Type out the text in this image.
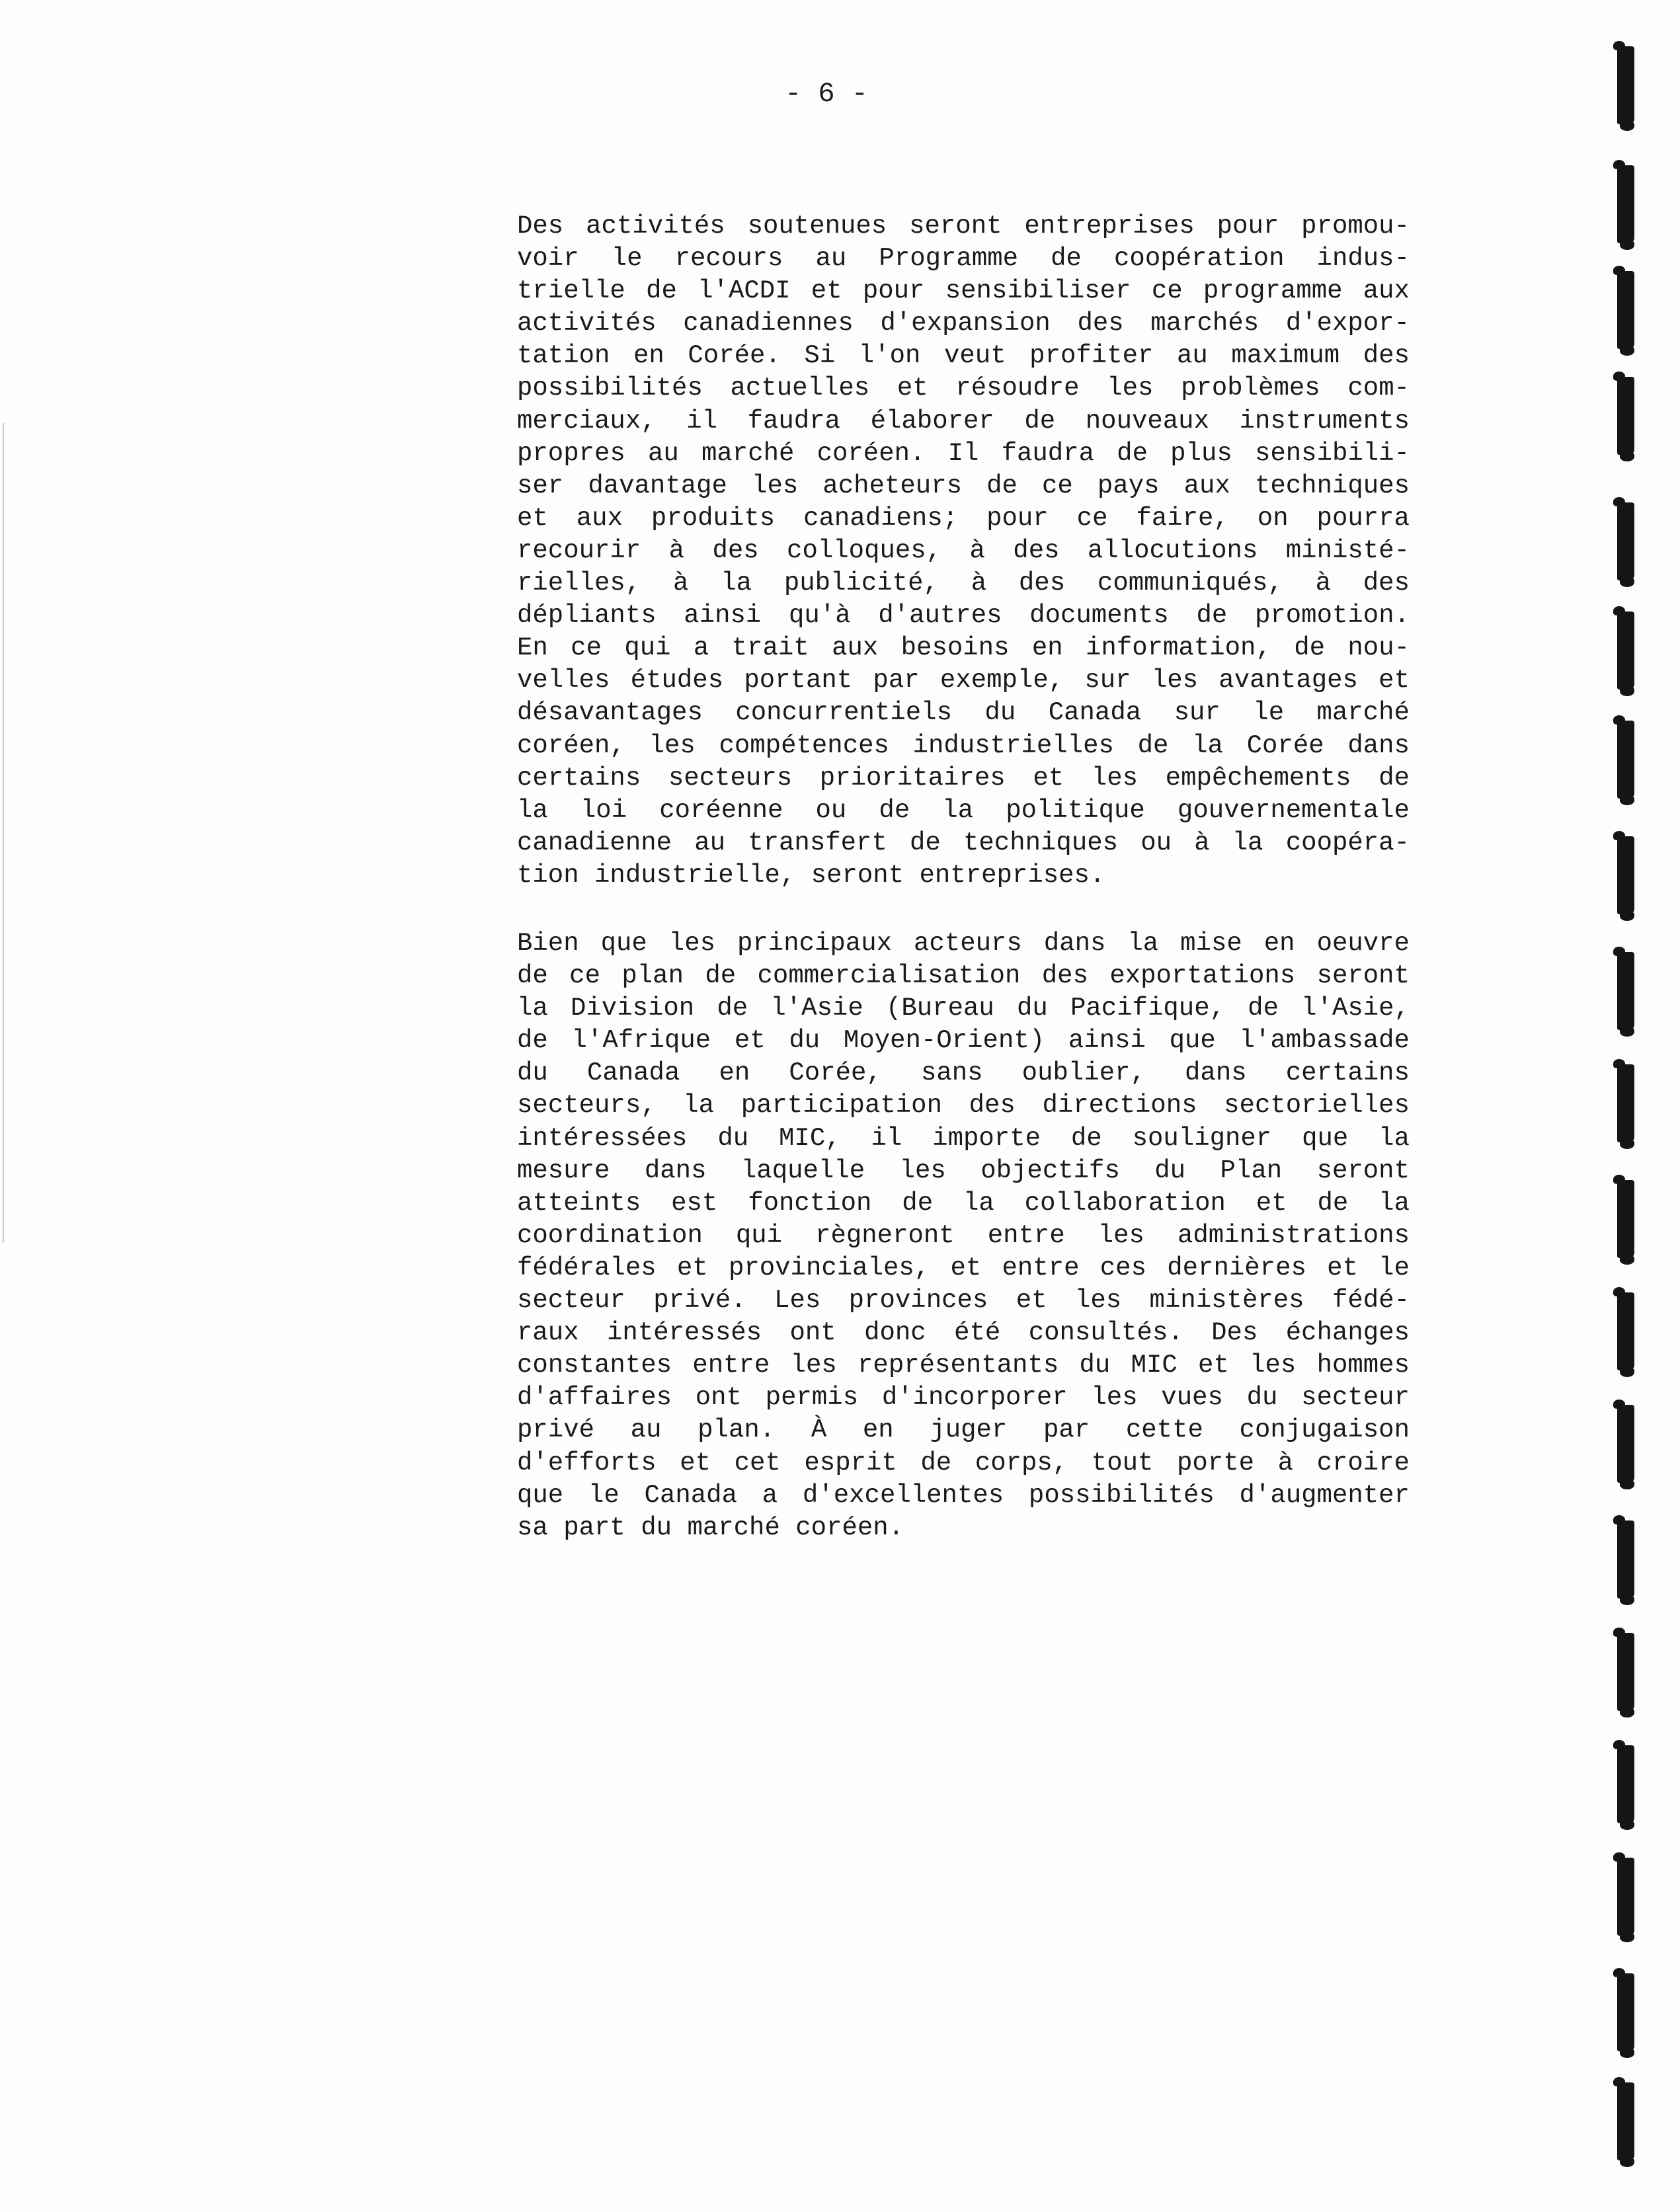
- 6 -
Des activités soutenues seront entreprises pour promou-
voir le recours au Programme de coopération indus-
trielle de l'ACDI et pour sensibiliser ce programme aux
activités canadiennes d'expansion des marchés d'expor-
tation en Corée. Si l'on veut profiter au maximum des
possibilités actuelles et résoudre les problèmes com-
merciaux, il faudra élaborer de nouveaux instruments
propres au marché coréen. Il faudra de plus sensibili-
ser davantage les acheteurs de ce pays aux techniques
et aux produits canadiens; pour ce faire, on pourra
recourir à des colloques, à des allocutions ministé-
rielles, à la publicité, à des communiqués, à des
dépliants ainsi qu'à d'autres documents de promotion.
En ce qui a trait aux besoins en information, de nou-
velles études portant par exemple, sur les avantages et
désavantages concurrentiels du Canada sur le marché
coréen, les compétences industrielles de la Corée dans
certains secteurs prioritaires et les empêchements de
la loi coréenne ou de la politique gouvernementale
canadienne au transfert de techniques ou à la coopéra-
tion industrielle, seront entreprises.
Bien que les principaux acteurs dans la mise en oeuvre
de ce plan de commercialisation des exportations seront
la Division de l'Asie (Bureau du Pacifique, de l'Asie,
de l'Afrique et du Moyen-Orient) ainsi que l'ambassade
du Canada en Corée, sans oublier, dans certains
secteurs, la participation des directions sectorielles
intéressées du MIC, il importe de souligner que la
mesure dans laquelle les objectifs du Plan seront
atteints est fonction de la collaboration et de la
coordination qui règneront entre les administrations
fédérales et provinciales, et entre ces dernières et le
secteur privé. Les provinces et les ministères fédé-
raux intéressés ont donc été consultés. Des échanges
constantes entre les représentants du MIC et les hommes
d'affaires ont permis d'incorporer les vues du secteur
privé au plan. À en juger par cette conjugaison
d'efforts et cet esprit de corps, tout porte à croire
que le Canada a d'excellentes possibilités d'augmenter
sa part du marché coréen.
